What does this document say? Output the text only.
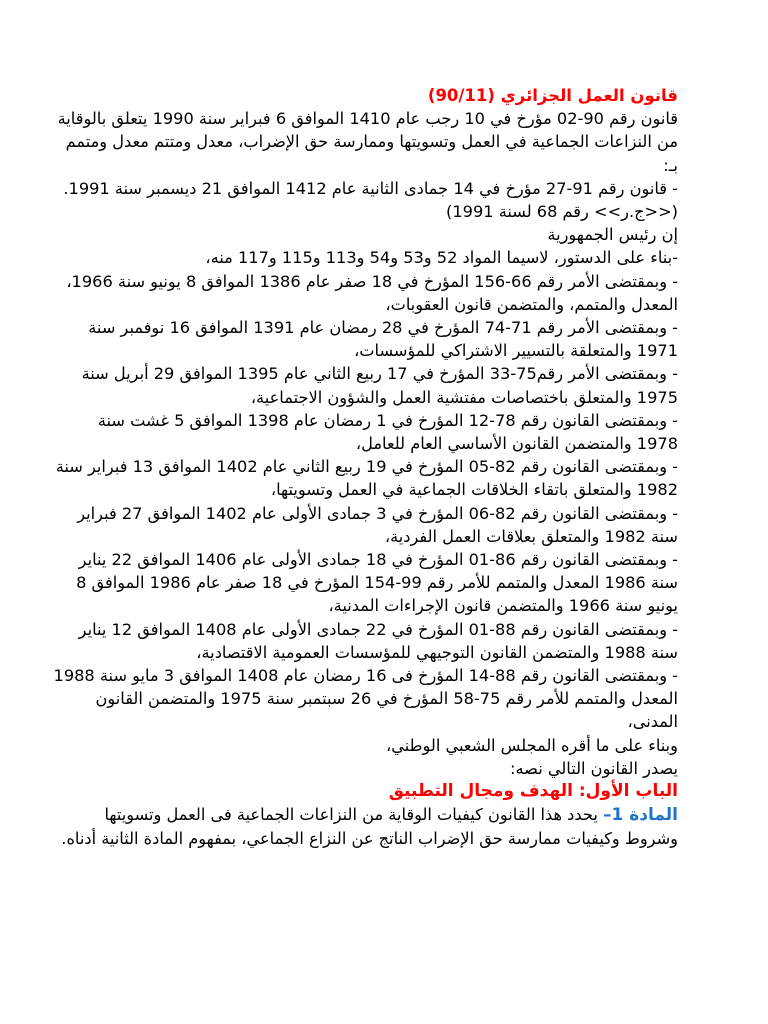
قانون العمل الجزائري (90/11)

قانون رقم 90-02 مؤرخ في 10 رجب عام 1410 الموافق 6 فبراير سنة 1990 يتعلق بالوقاية من النزاعات الجماعية في العمل وتسويتها وممارسة حق الإضراب، معدل ومتتم معدل ومتمم بـ:

- قانون رقم 91-27 مؤرخ في 14 جمادى الثانية عام 1412 الموافق 21 ديسمبر سنة 1991. (<<ج.ر>> رقم 68 لسنة 1991)

إن رئيس الجمهورية

-بناء على الدستور، لاسيما المواد 52 و53 و54 و113 و115 و117 منه،

- وبمقتضى الأمر رقم 66-156 المؤرخ في 18 صفر عام 1386 الموافق 8 يونيو سنة 1966، المعدل والمتمم، والمتضمن قانون العقوبات،

- وبمقتضى الأمر رقم 71-74 المؤرخ في 28 رمضان عام 1391 الموافق 16 نوفمبر سنة 1971 والمتعلقة بالتسيير الاشتراكي للمؤسسات،

- وبمقتضى الأمر رقم75-33 المؤرخ في 17 ربيع الثاني عام 1395 الموافق 29 أبريل سنة 1975 والمتعلق باختصاصات مفتشية العمل والشؤون الاجتماعية،

- وبمقتضى القانون رقم 78-12 المؤرخ في 1 رمضان عام 1398 الموافق 5 غشت سنة 1978 والمتضمن القانون الأساسي العام للعامل،

- وبمقتضى القانون رقم 82-05 المؤرخ في 19 ربيع الثاني عام 1402 الموافق 13 فبراير سنة 1982 والمتعلق باتقاء الخلاقات الجماعية في العمل وتسويتها،

- وبمقتضى القانون رقم 82-06 المؤرخ في 3 جمادى الأولى عام 1402 الموافق 27 فبراير سنة 1982 والمتعلق بعلاقات العمل الفردية،

- وبمقتضى القانون رقم 86-01 المؤرخ في 18 جمادى الأولى عام 1406 الموافق 22 يناير سنة 1986 المعدل والمتمم للأمر رقم 99-154 المؤرخ في 18 صفر عام 1986 الموافق 8 يونيو سنة 1966 والمتضمن قانون الإجراءات المدنية،

- وبمقتضى القانون رقم 88-01 المؤرخ في 22 جمادى الأولى عام 1408 الموافق 12 يناير سنة 1988 والمتضمن القانون التوجيهي للمؤسسات العمومية الاقتصادية،

- وبمقتضى القانون رقم 88-14 المؤرخ فى 16 رمضان عام 1408 الموافق 3 مايو سنة 1988 المعدل والمتمم للأمر رقم 75-58 المؤرخ في 26 سبتمبر سنة 1975 والمتضمن القانون المدنى،

وبناء على ما أقره المجلس الشعبي الوطني،

يصدر القانون التالي نصه:

الباب الأول: الهدف ومجال التطبيق

المادة 1– يحدد هذا القانون كيفيات الوقاية من النزاعات الجماعية فى العمل وتسويتها وشروط وكيفيات ممارسة حق الإضراب الناتج عن النزاع الجماعي، بمفهوم المادة الثانية أدناه.
